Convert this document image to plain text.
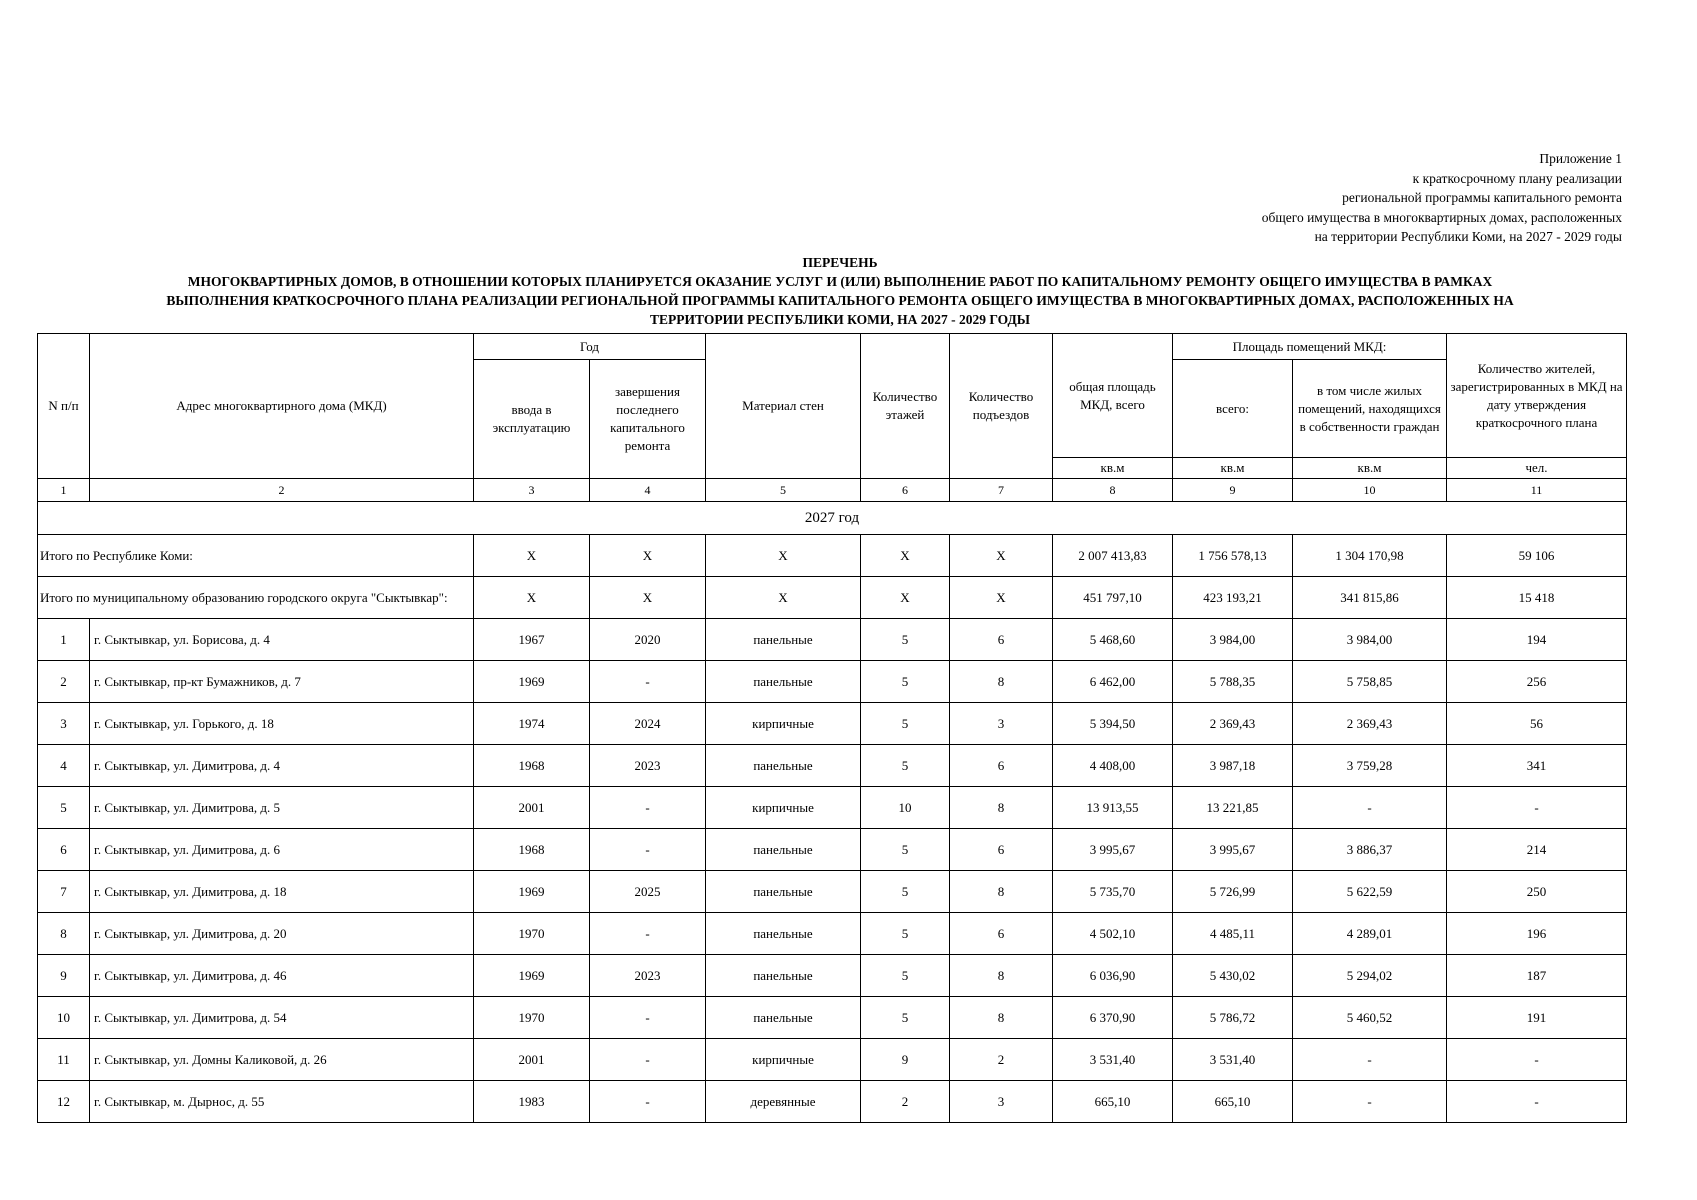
Приложение 1
к краткосрочному плану реализации
региональной программы капитального ремонта
общего имущества в многоквартирных домах, расположенных
на территории Республики Коми, на 2027 - 2029 годы
ПЕРЕЧЕНЬ
МНОГОКВАРТИРНЫХ ДОМОВ, В ОТНОШЕНИИ КОТОРЫХ ПЛАНИРУЕТСЯ ОКАЗАНИЕ УСЛУГ И (ИЛИ) ВЫПОЛНЕНИЕ РАБОТ ПО КАПИТАЛЬНОМУ РЕМОНТУ ОБЩЕГО ИМУЩЕСТВА В РАМКАХ
ВЫПОЛНЕНИЯ КРАТКОСРОЧНОГО ПЛАНА РЕАЛИЗАЦИИ РЕГИОНАЛЬНОЙ ПРОГРАММЫ КАПИТАЛЬНОГО РЕМОНТА ОБЩЕГО ИМУЩЕСТВА В МНОГОКВАРТИРНЫХ ДОМАХ, РАСПОЛОЖЕННЫХ НА
ТЕРРИТОРИИ РЕСПУБЛИКИ КОМИ, НА 2027 - 2029 ГОДЫ
N п/п	Адрес многоквартирного дома (МКД)	Год		Материал стен	Количество этажей	Количество подъездов	общая площадь МКД, всего	Площадь помещений МКД:		Количество жителей, зарегистрированных в МКД на дату утверждения краткосрочного плана
		ввода в эксплуатацию	завершения последнего капитального ремонта					всего:	в том числе жилых помещений, находящихся в собственности граждан	
							кв.м	кв.м	кв.м	чел.
1	2	3	4	5	6	7	8	9	10	11
2027 год										
Итого по Республике Коми:		X	X	X	X	X	2 007 413,83	1 756 578,13	1 304 170,98	59 106
Итого по муниципальному образованию городского округа "Сыктывкар":		X	X	X	X	X	451 797,10	423 193,21	341 815,86	15 418
1	г. Сыктывкар, ул. Борисова, д. 4	1967	2020	панельные	5	6	5 468,60	3 984,00	3 984,00	194
2	г. Сыктывкар, пр-кт Бумажников, д. 7	1969	-	панельные	5	8	6 462,00	5 788,35	5 758,85	256
3	г. Сыктывкар, ул. Горького, д. 18	1974	2024	кирпичные	5	3	5 394,50	2 369,43	2 369,43	56
4	г. Сыктывкар, ул. Димитрова, д. 4	1968	2023	панельные	5	6	4 408,00	3 987,18	3 759,28	341
5	г. Сыктывкар, ул. Димитрова, д. 5	2001	-	кирпичные	10	8	13 913,55	13 221,85	-	-
6	г. Сыктывкар, ул. Димитрова, д. 6	1968	-	панельные	5	6	3 995,67	3 995,67	3 886,37	214
7	г. Сыктывкар, ул. Димитрова, д. 18	1969	2025	панельные	5	8	5 735,70	5 726,99	5 622,59	250
8	г. Сыктывкар, ул. Димитрова, д. 20	1970	-	панельные	5	6	4 502,10	4 485,11	4 289,01	196
9	г. Сыктывкар, ул. Димитрова, д. 46	1969	2023	панельные	5	8	6 036,90	5 430,02	5 294,02	187
10	г. Сыктывкар, ул. Димитрова, д. 54	1970	-	панельные	5	8	6 370,90	5 786,72	5 460,52	191
11	г. Сыктывкар, ул. Домны Каликовой, д. 26	2001	-	кирпичные	9	2	3 531,40	3 531,40	-	-
12	г. Сыктывкар, м. Дырнос, д. 55	1983	-	деревянные	2	3	665,10	665,10	-	-
